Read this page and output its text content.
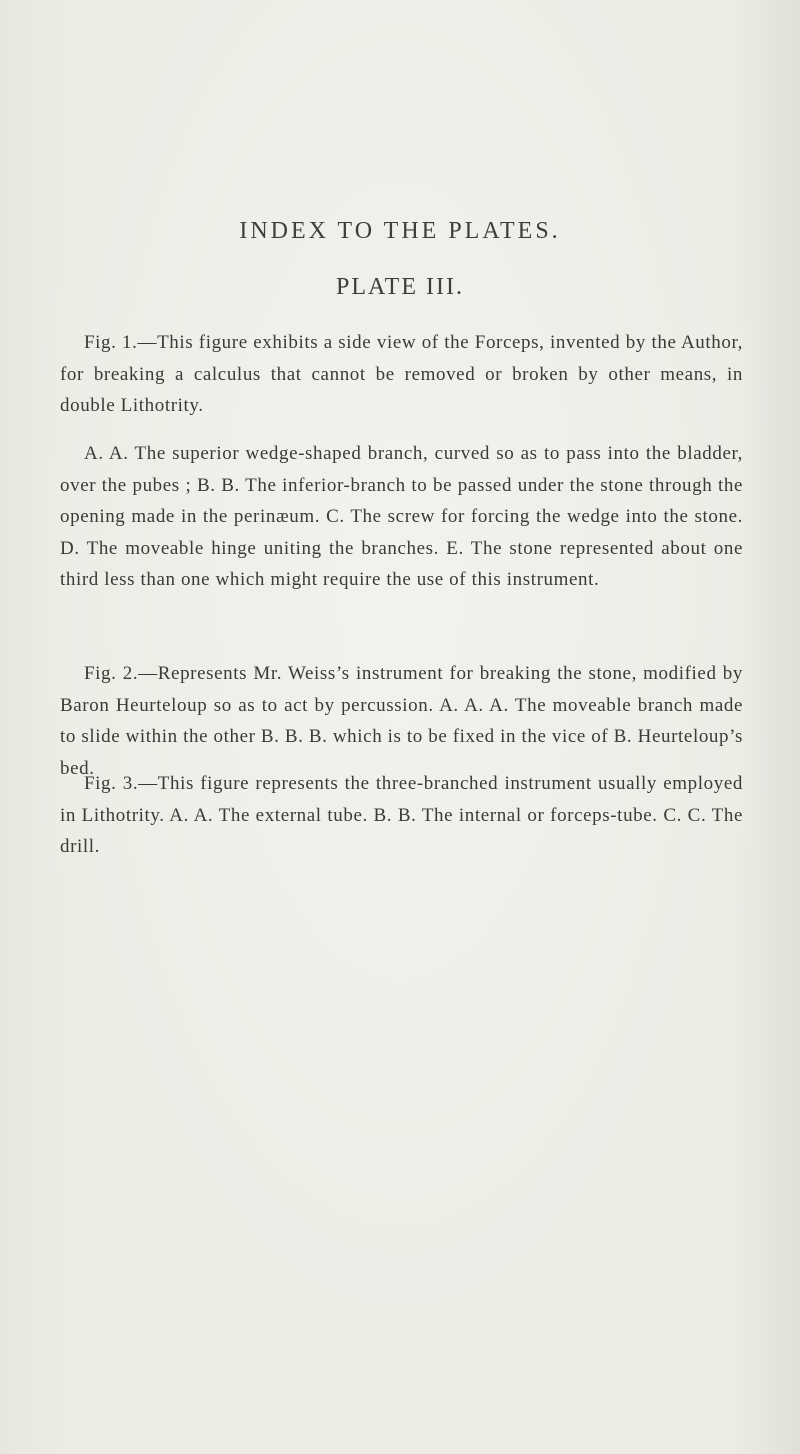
INDEX TO THE PLATES.
PLATE III.

Fig. 1.—This figure exhibits a side view of the Forceps, invented by the Author, for breaking a calculus that cannot be removed or broken by other means, in double Lithotrity.

A. A. The superior wedge-shaped branch, curved so as to pass into the bladder, over the pubes ; B. B. The inferior-branch to be passed under the stone through the opening made in the perinæum. C. The screw for forcing the wedge into the stone. D. The moveable hinge uniting the branches. E. The stone represented about one third less than one which might require the use of this instrument.

Fig. 2.—Represents Mr. Weiss’s instrument for breaking the stone, modified by Baron Heurteloup so as to act by percussion. A. A. A. The moveable branch made to slide within the other B. B. B. which is to be fixed in the vice of B. Heurteloup’s bed.

Fig. 3.—This figure represents the three-branched instrument usually employed in Lithotrity. A. A. The external tube. B. B. The internal or forceps-tube. C. C. The drill.
